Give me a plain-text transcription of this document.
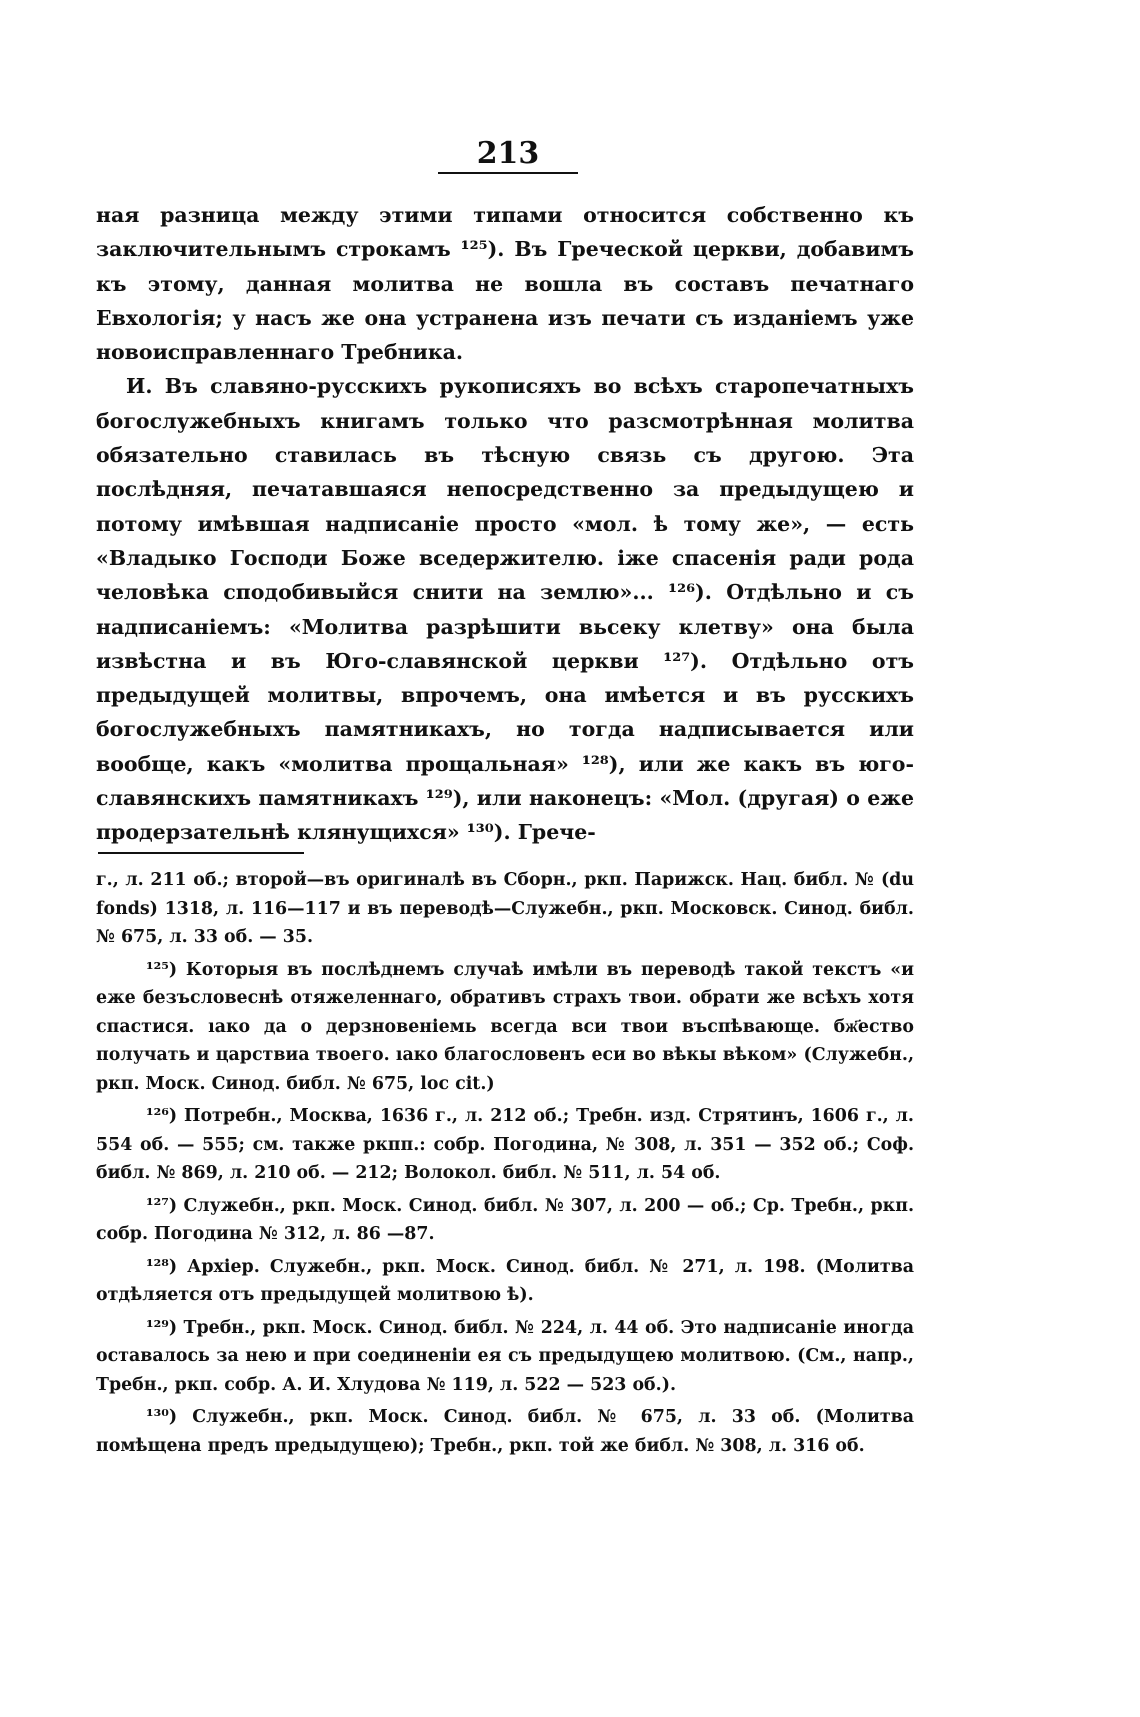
213

ная разница между этими типами относится собственно къ заключительнымъ строкамъ ¹²⁵). Въ Греческой церкви, добавимъ къ этому, данная молитва не вошла въ составъ печатнаго Евхологія; у насъ же она устранена изъ печати съ изданіемъ уже новоисправленнаго Требника.

И. Въ славяно-русскихъ рукописяхъ во всѣхъ старопечатныхъ богослужебныхъ книгамъ только что разсмотрѣнная молитва обязательно ставилась въ тѣсную связь съ другою. Эта послѣдняя, печатавшаяся непосредственно за предыдущею и потому имѣвшая надписаніе просто «мол. ѣ тому же», — есть «Владыко Господи Боже вседержителю. іже спасенія ради рода человѣка сподобивыйся сн͏ити на землю»... ¹²⁶). Отдѣльно и съ надписаніемъ: «Молитва разрѣшити вьсеку клетву» она была извѣстна и въ Юго-славянской церкви ¹²⁷). Отдѣльно отъ предыдущей молитвы, впрочемъ, она имѣется и въ русскихъ богослужебныхъ памятникахъ, но тогда надписывается или вообще, какъ «молитва прощальная» ¹²⁸), или же какъ въ юго-славянскихъ памятникахъ ¹²⁹), или наконецъ: «Мол. (другая) о еже продерзательнѣ клянущихся» ¹³⁰). Грече-

г., л. 211 об.; второй—въ оригиналѣ въ Сборн., ркп. Парижск. Нац. библ. № (du fonds) 1318, л. 116—117 и въ переводѣ—Служебн., ркп. Московск. Синод. библ. № 675, л. 33 об. — 35.

¹²⁵) Которыя въ послѣднемъ случаѣ имѣли въ переводѣ такой текстъ «и еже безъсловеснѣ отяжеленнаго, обративъ страхъ твои. обрати же всѣхъ хотя спастися. ıако да о дерзновеніемь всегда вси твои въспѣвающе. бж҃ество получать и царствиа твоего. ıако благословенъ еси во вѣкы вѣком» (Служебн., ркп. Моск. Синод. библ. № 675, loc cit.)

¹²⁶) Потребн., Москва, 1636 г., л. 212 об.; Требн. изд. Стрятинъ, 1606 г., л. 554 об. — 555; см. также ркпп.: собр. Погодина, № 308, л. 351 — 352 об.; Соф. библ. № 869, л. 210 об. — 212; Волокол. библ. № 511, л. 54 об.

¹²⁷) Служебн., ркп. Моск. Синод. библ. № 307, л. 200 — об.; Ср. Требн., ркп. собр. Погодина № 312, л. 86 —87.

¹²⁸) Архіер. Служебн., ркп. Моск. Синод. библ. № 271, л. 198. (Молитва отдѣляется отъ предыдущей молитвою ѣ).

¹²⁹) Требн., ркп. Моск. Синод. библ. № 224, л. 44 об. Это надписаніе иногда оставалось за нею и при соединеніи ея съ предыдущею молитвою. (См., напр., Требн., ркп. собр. А. И. Хлудова № 119, л. 522 — 523 об.).

¹³⁰) Служебн., ркп. Моск. Синод. библ. № 675, л. 33 об. (Молитва помѣщена предъ предыдущею); Требн., ркп. той же библ. № 308, л. 316 об.
